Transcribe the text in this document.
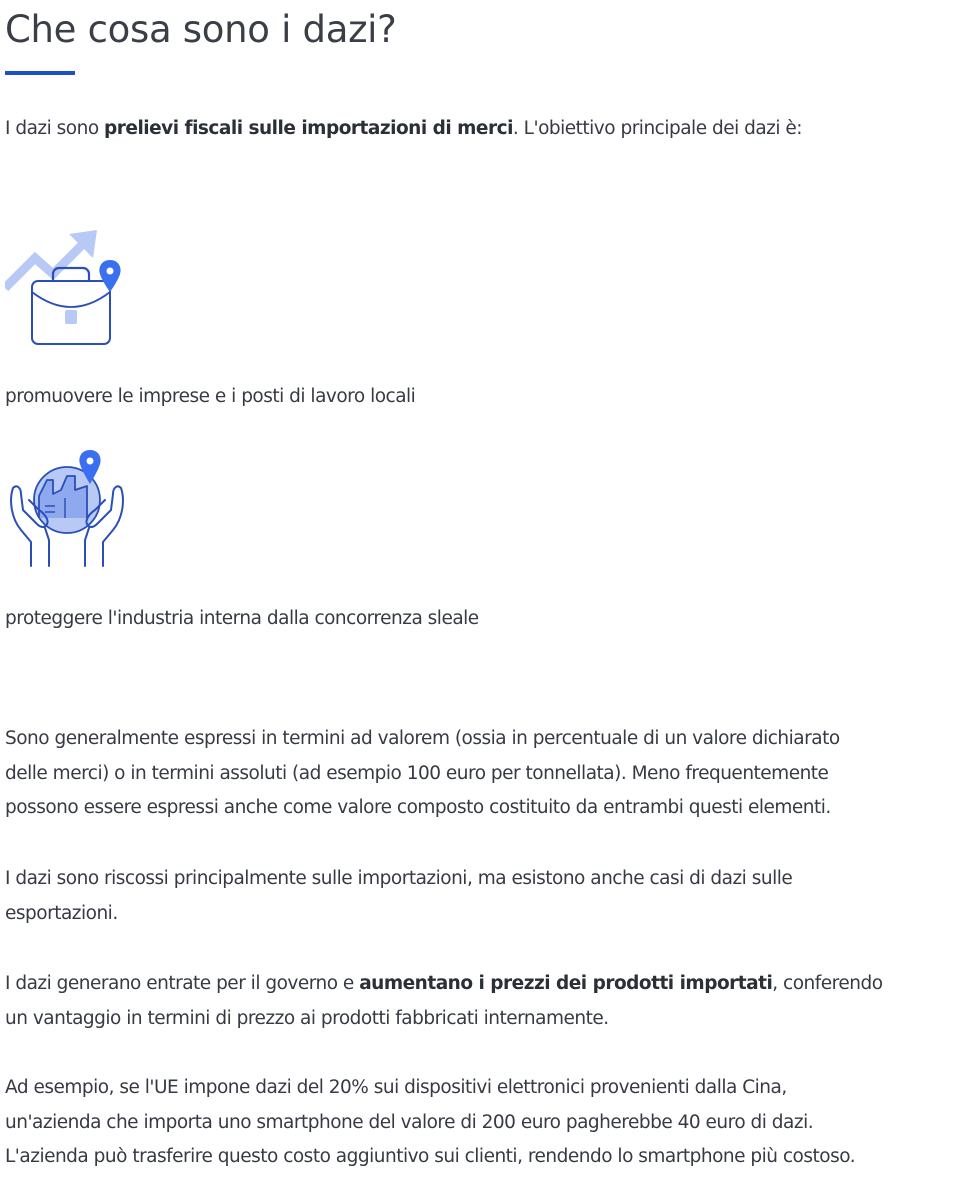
Che cosa sono i dazi?

I dazi sono prelievi fiscali sulle importazioni di merci. L'obiettivo principale dei dazi è:

promuovere le imprese e i posti di lavoro locali

proteggere l'industria interna dalla concorrenza sleale

Sono generalmente espressi in termini ad valorem (ossia in percentuale di un valore dichiarato
delle merci) o in termini assoluti (ad esempio 100 euro per tonnellata). Meno frequentemente
possono essere espressi anche come valore composto costituito da entrambi questi elementi.

I dazi sono riscossi principalmente sulle importazioni, ma esistono anche casi di dazi sulle
esportazioni.

I dazi generano entrate per il governo e aumentano i prezzi dei prodotti importati, conferendo
un vantaggio in termini di prezzo ai prodotti fabbricati internamente.

Ad esempio, se l'UE impone dazi del 20% sui dispositivi elettronici provenienti dalla Cina,
un'azienda che importa uno smartphone del valore di 200 euro pagherebbe 40 euro di dazi.
L'azienda può trasferire questo costo aggiuntivo sui clienti, rendendo lo smartphone più costoso.
